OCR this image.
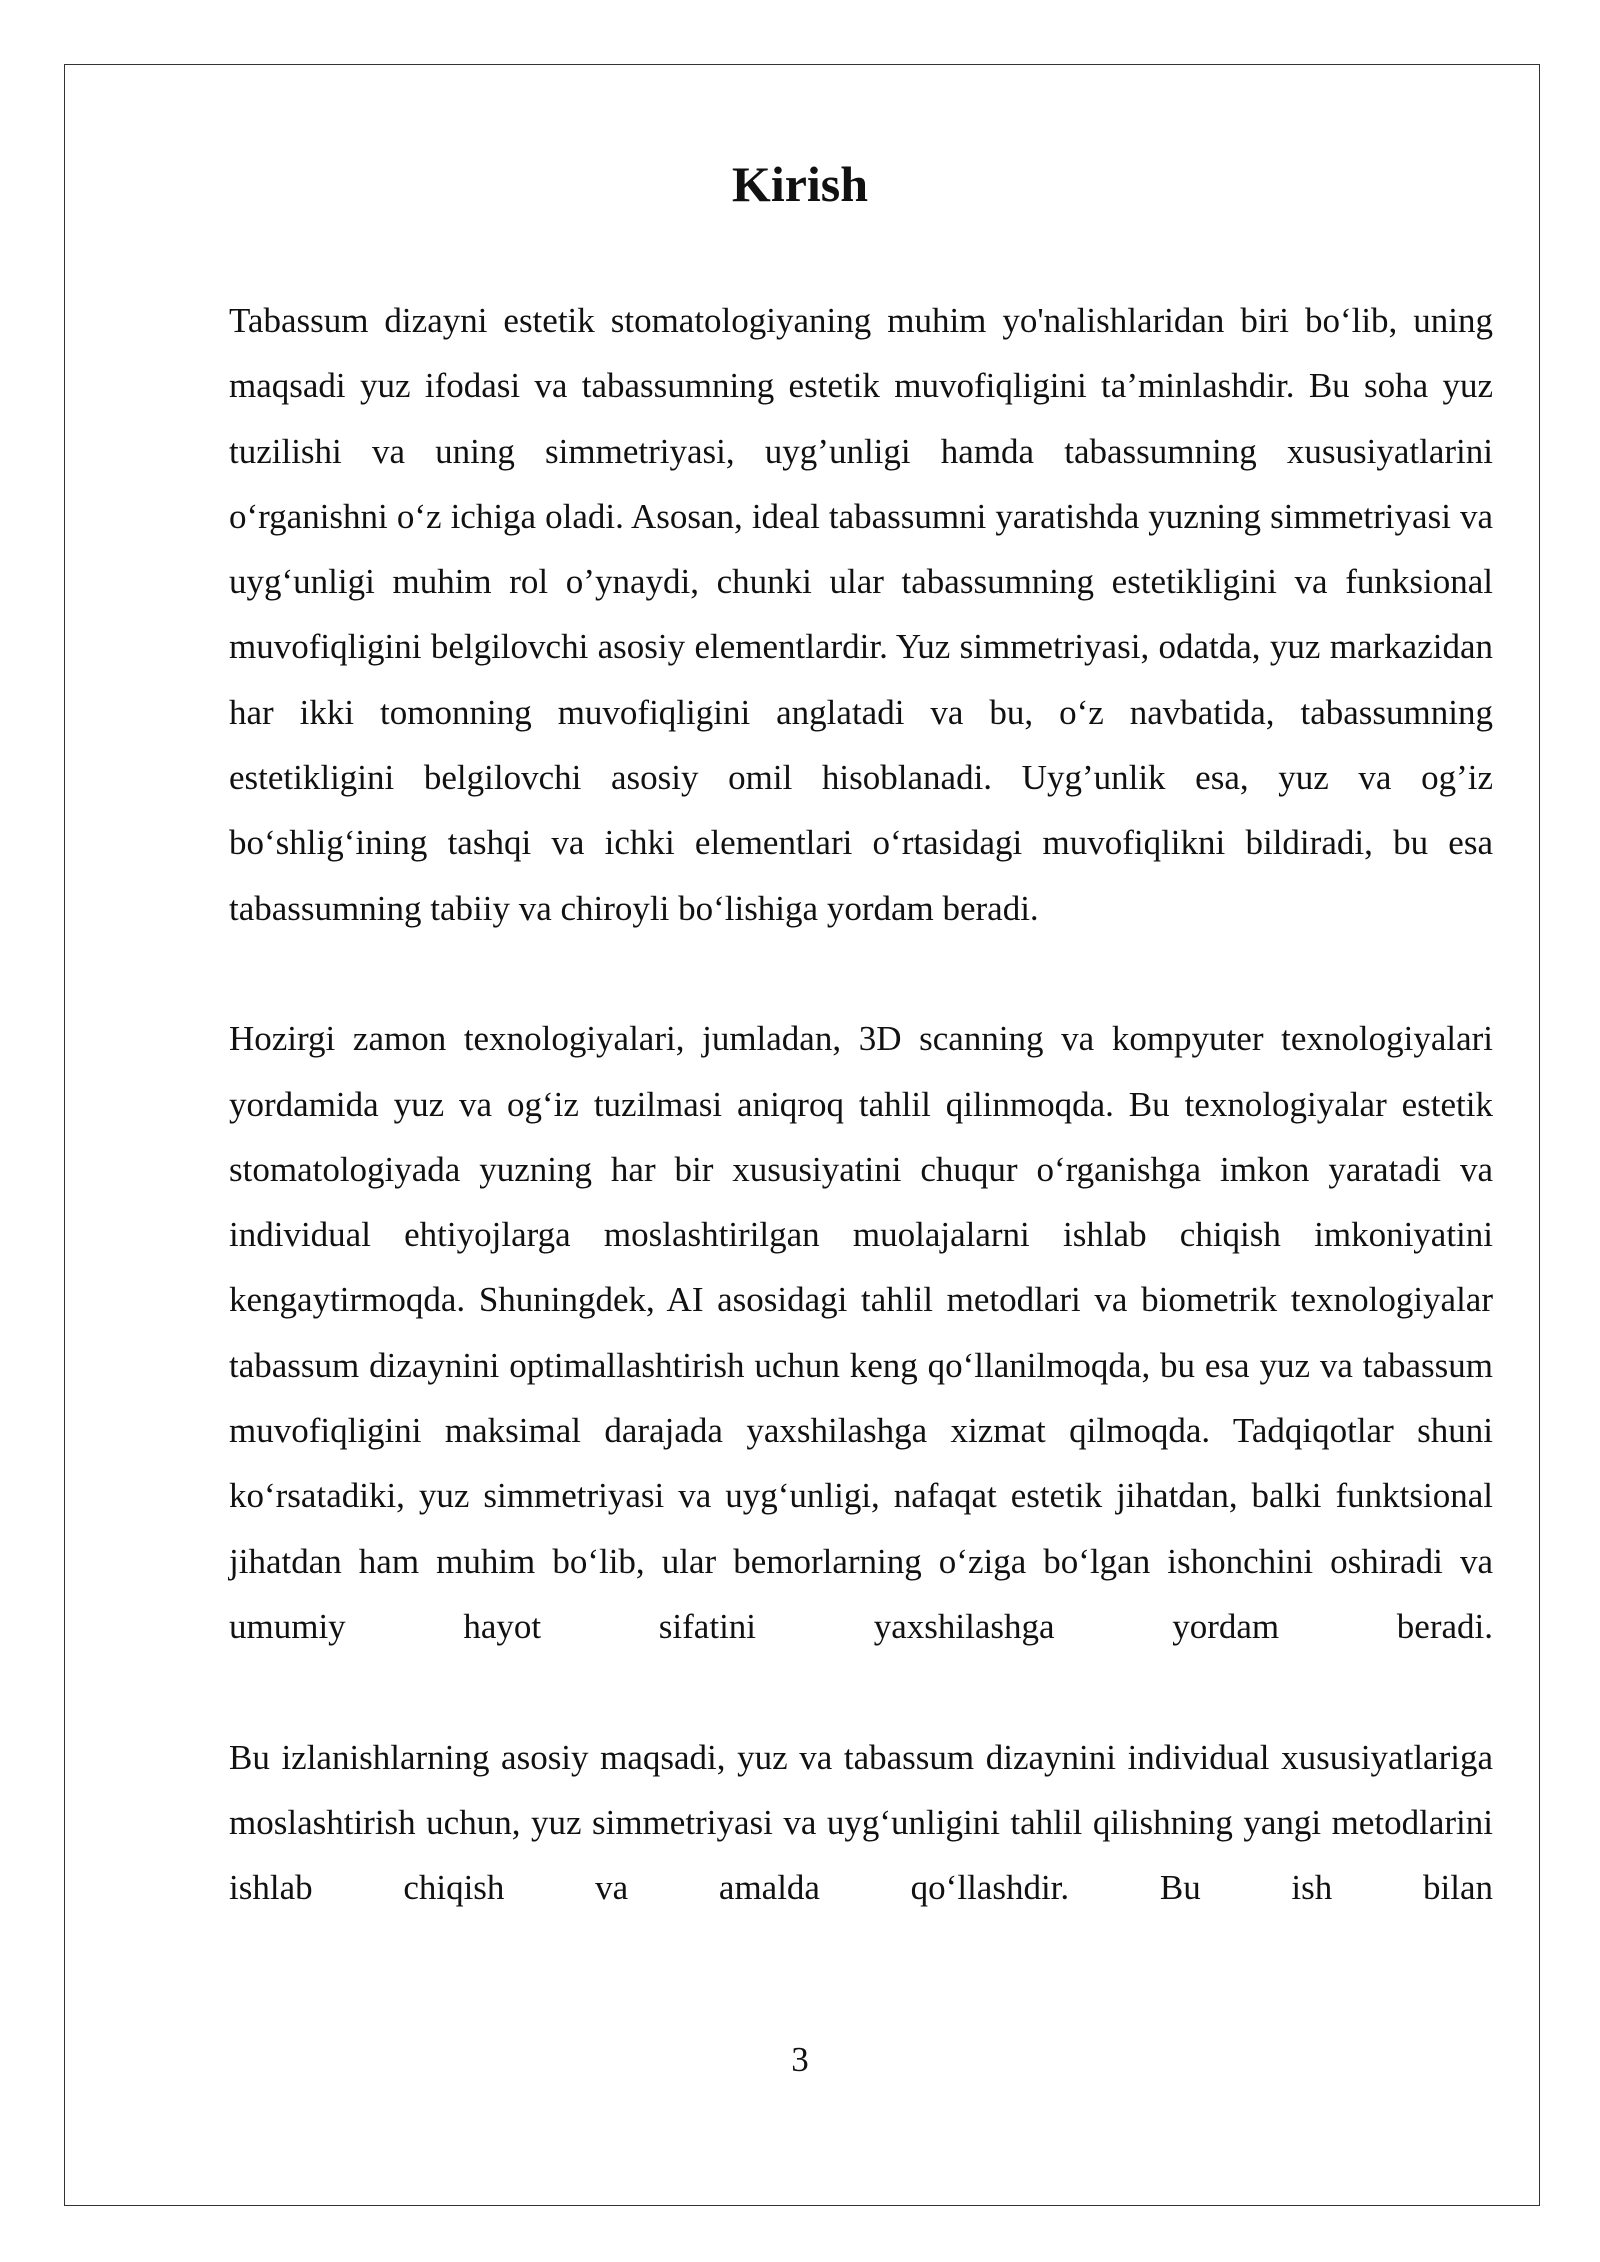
Kirish

Tabassum dizayni estetik stomatologiyaning muhim yo'nalishlaridan biri bo‘lib, uning maqsadi yuz ifodasi va tabassumning estetik muvofiqligini ta’minlashdir. Bu soha yuz tuzilishi va uning simmetriyasi, uyg’unligi hamda tabassumning xususiyatlarini o‘rganishni o‘z ichiga oladi. Asosan, ideal tabassumni yaratishda yuzning simmetriyasi va uyg‘unligi muhim rol o’ynaydi, chunki ular tabassumning estetikligini va funksional muvofiqligini belgilovchi asosiy elementlardir. Yuz simmetriyasi, odatda, yuz markazidan har ikki tomonning muvofiqligini anglatadi va bu, o‘z navbatida, tabassumning estetikligini belgilovchi asosiy omil hisoblanadi. Uyg’unlik esa, yuz va og’iz bo‘shlig‘ining tashqi va ichki elementlari o‘rtasidagi muvofiqlikni bildiradi, bu esa tabassumning tabiiy va chiroyli bo‘lishiga yordam beradi.

Hozirgi zamon texnologiyalari, jumladan, 3D scanning va kompyuter texnologiyalari yordamida yuz va og‘iz tuzilmasi aniqroq tahlil qilinmoqda. Bu texnologiyalar estetik stomatologiyada yuzning har bir xususiyatini chuqur o‘rganishga imkon yaratadi va individual ehtiyojlarga moslashtirilgan muolajalarni ishlab chiqish imkoniyatini kengaytirmoqda. Shuningdek, AI asosidagi tahlil metodlari va biometrik texnologiyalar tabassum dizaynini optimallashtirish uchun keng qo‘llanilmoqda, bu esa yuz va tabassum muvofiqligini maksimal darajada yaxshilashga xizmat qilmoqda. Tadqiqotlar shuni ko‘rsatadiki, yuz simmetriyasi va uyg‘unligi, nafaqat estetik jihatdan, balki funktsional jihatdan ham muhim bo‘lib, ular bemorlarning o‘ziga bo‘lgan ishonchini oshiradi va umumiy hayot sifatini yaxshilashga yordam beradi.

Bu izlanishlarning asosiy maqsadi, yuz va tabassum dizaynini individual xususiyatlariga moslashtirish uchun, yuz simmetriyasi va uyg‘unligini tahlil qilishning yangi metodlarini ishlab chiqish va amalda qo‘llashdir. Bu ish bilan

3
